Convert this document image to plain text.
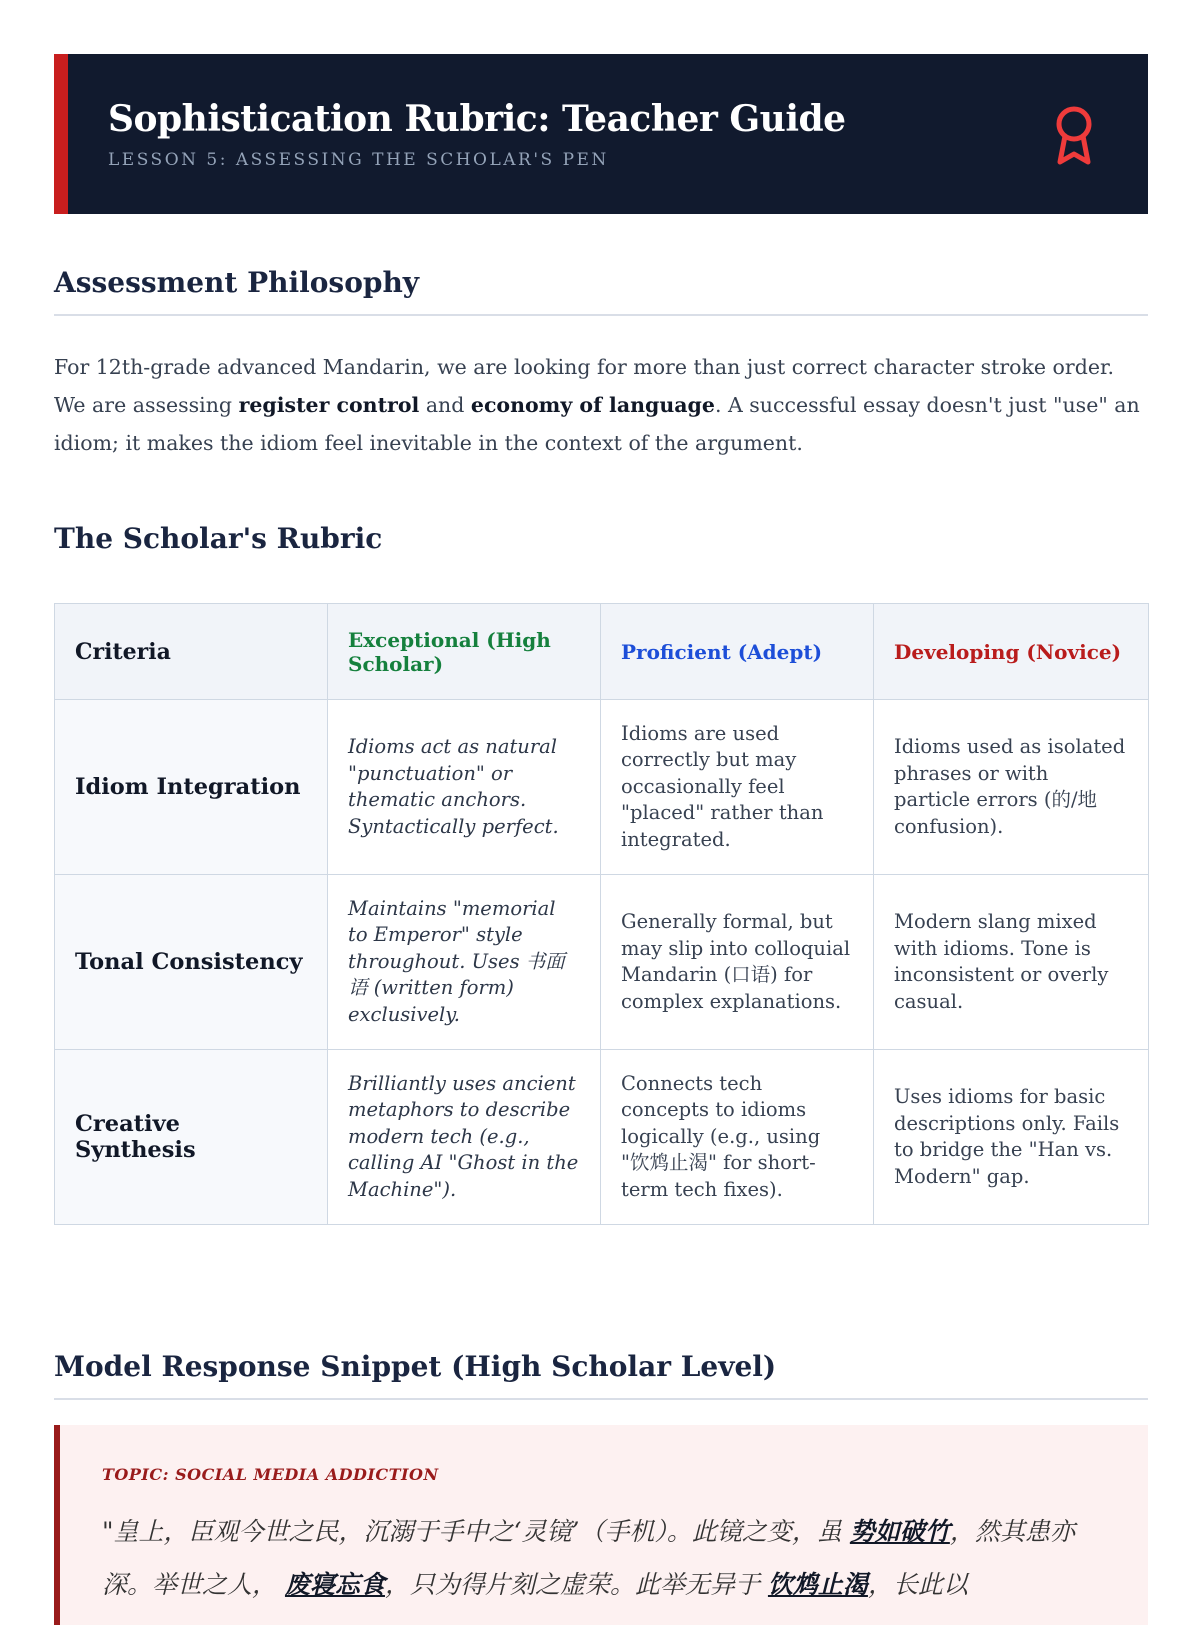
Sophistication Rubric: Teacher Guide

LESSON 5: ASSESSING THE SCHOLAR'S PEN

Assessment Philosophy

For 12th-grade advanced Mandarin, we are looking for more than just correct character stroke order. We are assessing register control and economy of language. A successful essay doesn't just "use" an idiom; it makes the idiom feel inevitable in the context of the argument.

The Scholar's Rubric
Criteria	Exceptional (High Scholar)	Proficient (Adept)	Developing (Novice)
Idiom Integration	Idioms act as natural "punctuation" or thematic anchors. Syntactically perfect.	Idioms are used correctly but may occasionally feel "placed" rather than integrated.	Idioms used as isolated phrases or with particle errors (的/地 confusion).
Tonal Consistency	Maintains "memorial to Emperor" style throughout. Uses 书面语 (written form) exclusively.	Generally formal, but may slip into colloquial Mandarin (口语) for complex explanations.	Modern slang mixed with idioms. Tone is inconsistent or overly casual.
Creative Synthesis	Brilliantly uses ancient metaphors to describe modern tech (e.g., calling AI "Ghost in the Machine").	Connects tech concepts to idioms logically (e.g., using "饮鸩止渴" for short-term tech fixes).	Uses idioms for basic descriptions only. Fails to bridge the "Han vs. Modern" gap.
Model Response Snippet (High Scholar Level)

TOPIC: SOCIAL MEDIA ADDICTION

"皇上，臣观今世之民，沉溺于手中之‘灵镜’（手机）。此镜之变，虽 势如破竹，然其患亦深。举世之人， 废寝忘食，只为得片刻之虚荣。此举无异于 饮鸩止渴，长此以
